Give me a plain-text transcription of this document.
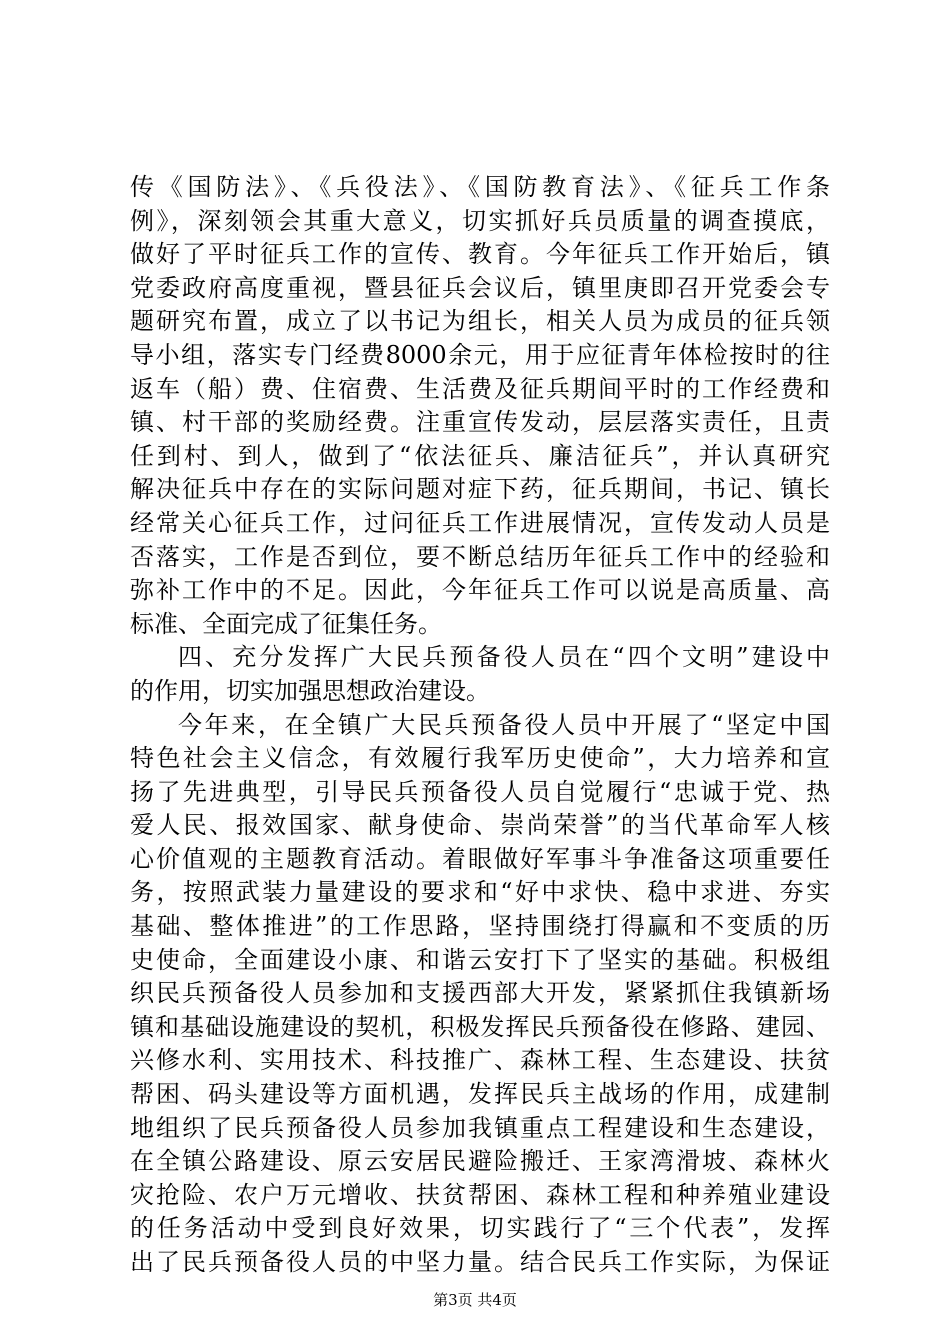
传《国防法》、《兵役法》、《国防教育法》、《征兵工作条
例》，深刻领会其重大意义，切实抓好兵员质量的调查摸底，
做好了平时征兵工作的宣传、教育。今年征兵工作开始后，镇
党委政府高度重视，暨县征兵会议后，镇里庚即召开党委会专
题研究布置，成立了以书记为组长，相关人员为成员的征兵领
导小组，落实专门经费8000余元，用于应征青年体检按时的往
返车（船）费、住宿费、生活费及征兵期间平时的工作经费和
镇、村干部的奖励经费。注重宣传发动，层层落实责任，且责
任到村、到人，做到了“依法征兵、廉洁征兵”，并认真研究
解决征兵中存在的实际问题对症下药，征兵期间，书记、镇长
经常关心征兵工作，过问征兵工作进展情况，宣传发动人员是
否落实，工作是否到位，要不断总结历年征兵工作中的经验和
弥补工作中的不足。因此，今年征兵工作可以说是高质量、高
标准、全面完成了征集任务。
四、充分发挥广大民兵预备役人员在“四个文明”建设中
的作用，切实加强思想政治建设。
今年来，在全镇广大民兵预备役人员中开展了“坚定中国
特色社会主义信念，有效履行我军历史使命”，大力培养和宣
扬了先进典型，引导民兵预备役人员自觉履行“忠诚于党、热
爱人民、报效国家、献身使命、崇尚荣誉”的当代革命军人核
心价值观的主题教育活动。着眼做好军事斗争准备这项重要任
务，按照武装力量建设的要求和“好中求快、稳中求进、夯实
基础、整体推进”的工作思路，坚持围绕打得赢和不变质的历
史使命，全面建设小康、和谐云安打下了坚实的基础。积极组
织民兵预备役人员参加和支援西部大开发，紧紧抓住我镇新场
镇和基础设施建设的契机，积极发挥民兵预备役在修路、建园、
兴修水利、实用技术、科技推广、森林工程、生态建设、扶贫
帮困、码头建设等方面机遇，发挥民兵主战场的作用，成建制
地组织了民兵预备役人员参加我镇重点工程建设和生态建设，
在全镇公路建设、原云安居民避险搬迁、王家湾滑坡、森林火
灾抢险、农户万元增收、扶贫帮困、森林工程和种养殖业建设
的任务活动中受到良好效果，切实践行了“三个代表”，发挥
出了民兵预备役人员的中坚力量。结合民兵工作实际，为保证
第3页 共4页
